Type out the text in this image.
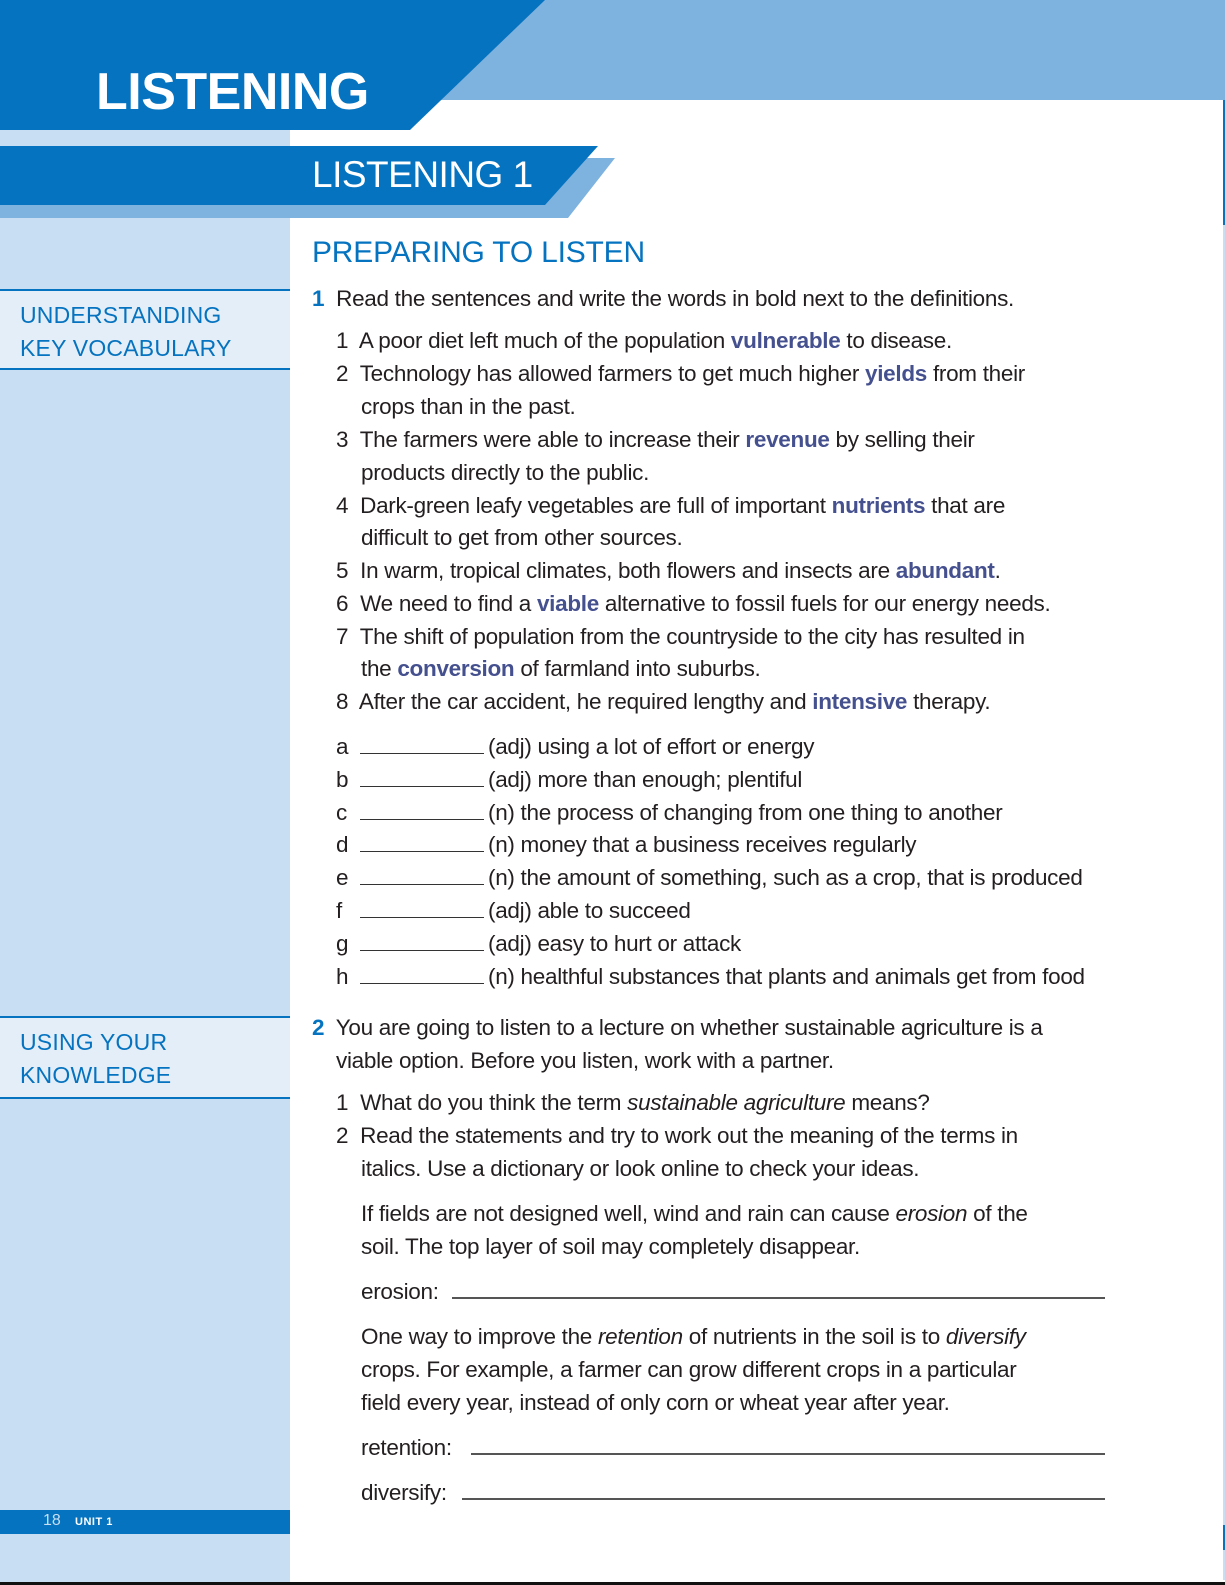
LISTENING
LISTENING 1
UNDERSTANDING
KEY VOCABULARY
USING YOUR
KNOWLEDGE
18 UNIT 1
PREPARING TO LISTEN
1 Read the sentences and write the words in bold next to the definitions.
1 A poor diet left much of the population vulnerable to disease.
2 Technology has allowed farmers to get much higher yields from their
crops than in the past.
3 The farmers were able to increase their revenue by selling their
products directly to the public.
4 Dark-green leafy vegetables are full of important nutrients that are
difficult to get from other sources.
5 In warm, tropical climates, both flowers and insects are abundant.
6 We need to find a viable alternative to fossil fuels for our energy needs.
7 The shift of population from the countryside to the city has resulted in
the conversion of farmland into suburbs.
8 After the car accident, he required lengthy and intensive therapy.
a	(adj) using a lot of effort or energy
b	(adj) more than enough; plentiful
c	(n) the process of changing from one thing to another
d	(n) money that a business receives regularly
e	(n) the amount of something, such as a crop, that is produced
f	(adj) able to succeed
g	(adj) easy to hurt or attack
h	(n) healthful substances that plants and animals get from food
2 You are going to listen to a lecture on whether sustainable agriculture is a
viable option. Before you listen, work with a partner.
1 What do you think the term sustainable agriculture means?
2 Read the statements and try to work out the meaning of the terms in
italics. Use a dictionary or look online to check your ideas.
If fields are not designed well, wind and rain can cause erosion of the
soil. The top layer of soil may completely disappear.
erosion:
One way to improve the retention of nutrients in the soil is to diversify
crops. For example, a farmer can grow different crops in a particular
field every year, instead of only corn or wheat year after year.
retention:
diversify:
